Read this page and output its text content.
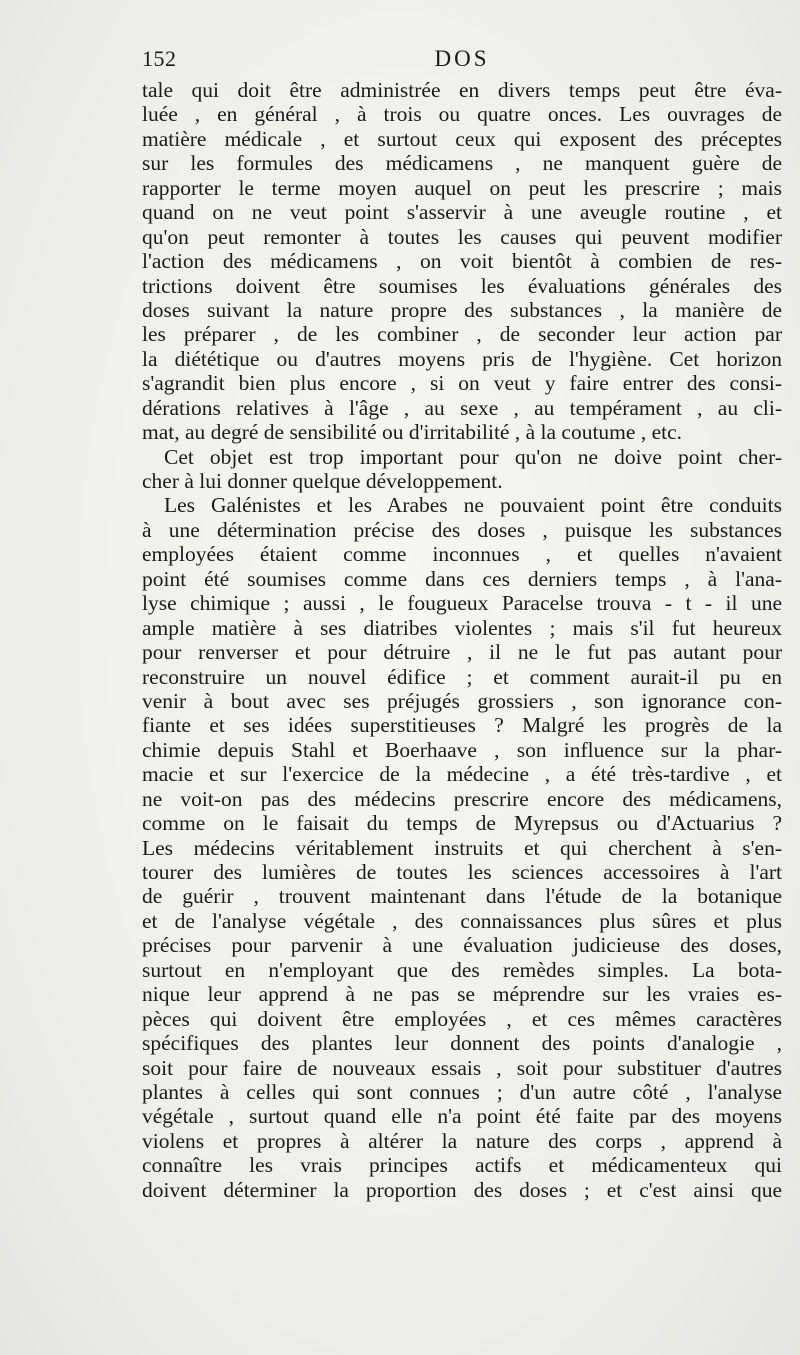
152	DOS
tale qui doit être administrée en divers temps peut être éva-
luée , en général , à trois ou quatre onces. Les ouvrages de
matière médicale , et surtout ceux qui exposent des préceptes
sur les formules des médicamens , ne manquent guère de
rapporter le terme moyen auquel on peut les prescrire ; mais
quand on ne veut point s'asservir à une aveugle routine , et
qu'on peut remonter à toutes les causes qui peuvent modifier
l'action des médicamens , on voit bientôt à combien de res-
trictions doivent être soumises les évaluations générales des
doses suivant la nature propre des substances , la manière de
les préparer , de les combiner , de seconder leur action par
la diététique ou d'autres moyens pris de l'hygiène. Cet horizon
s'agrandit bien plus encore , si on veut y faire entrer des consi-
dérations relatives à l'âge , au sexe , au tempérament , au cli-
mat, au degré de sensibilité ou d'irritabilité , à la coutume , etc.
Cet objet est trop important pour qu'on ne doive point cher-
cher à lui donner quelque développement.
Les Galénistes et les Arabes ne pouvaient point être conduits
à une détermination précise des doses , puisque les substances
employées étaient comme inconnues , et quelles n'avaient
point été soumises comme dans ces derniers temps , à l'ana-
lyse chimique ; aussi , le fougueux Paracelse trouva - t - il une
ample matière à ses diatribes violentes ; mais s'il fut heureux
pour renverser et pour détruire , il ne le fut pas autant pour
reconstruire un nouvel édifice ; et comment aurait-il pu en
venir à bout avec ses préjugés grossiers , son ignorance con-
fiante et ses idées superstitieuses ? Malgré les progrès de la
chimie depuis Stahl et Boerhaave , son influence sur la phar-
macie et sur l'exercice de la médecine , a été très-tardive , et
ne voit-on pas des médecins prescrire encore des médicamens,
comme on le faisait du temps de Myrepsus ou d'Actuarius ?
Les médecins véritablement instruits et qui cherchent à s'en-
tourer des lumières de toutes les sciences accessoires à l'art
de guérir , trouvent maintenant dans l'étude de la botanique
et de l'analyse végétale , des connaissances plus sûres et plus
précises pour parvenir à une évaluation judicieuse des doses,
surtout en n'employant que des remèdes simples. La bota-
nique leur apprend à ne pas se méprendre sur les vraies es-
pèces qui doivent être employées , et ces mêmes caractères
spécifiques des plantes leur donnent des points d'analogie ,
soit pour faire de nouveaux essais , soit pour substituer d'autres
plantes à celles qui sont connues ; d'un autre côté , l'analyse
végétale , surtout quand elle n'a point été faite par des moyens
violens et propres à altérer la nature des corps , apprend à
connaître les vrais principes actifs et médicamenteux qui
doivent déterminer la proportion des doses ; et c'est ainsi que
